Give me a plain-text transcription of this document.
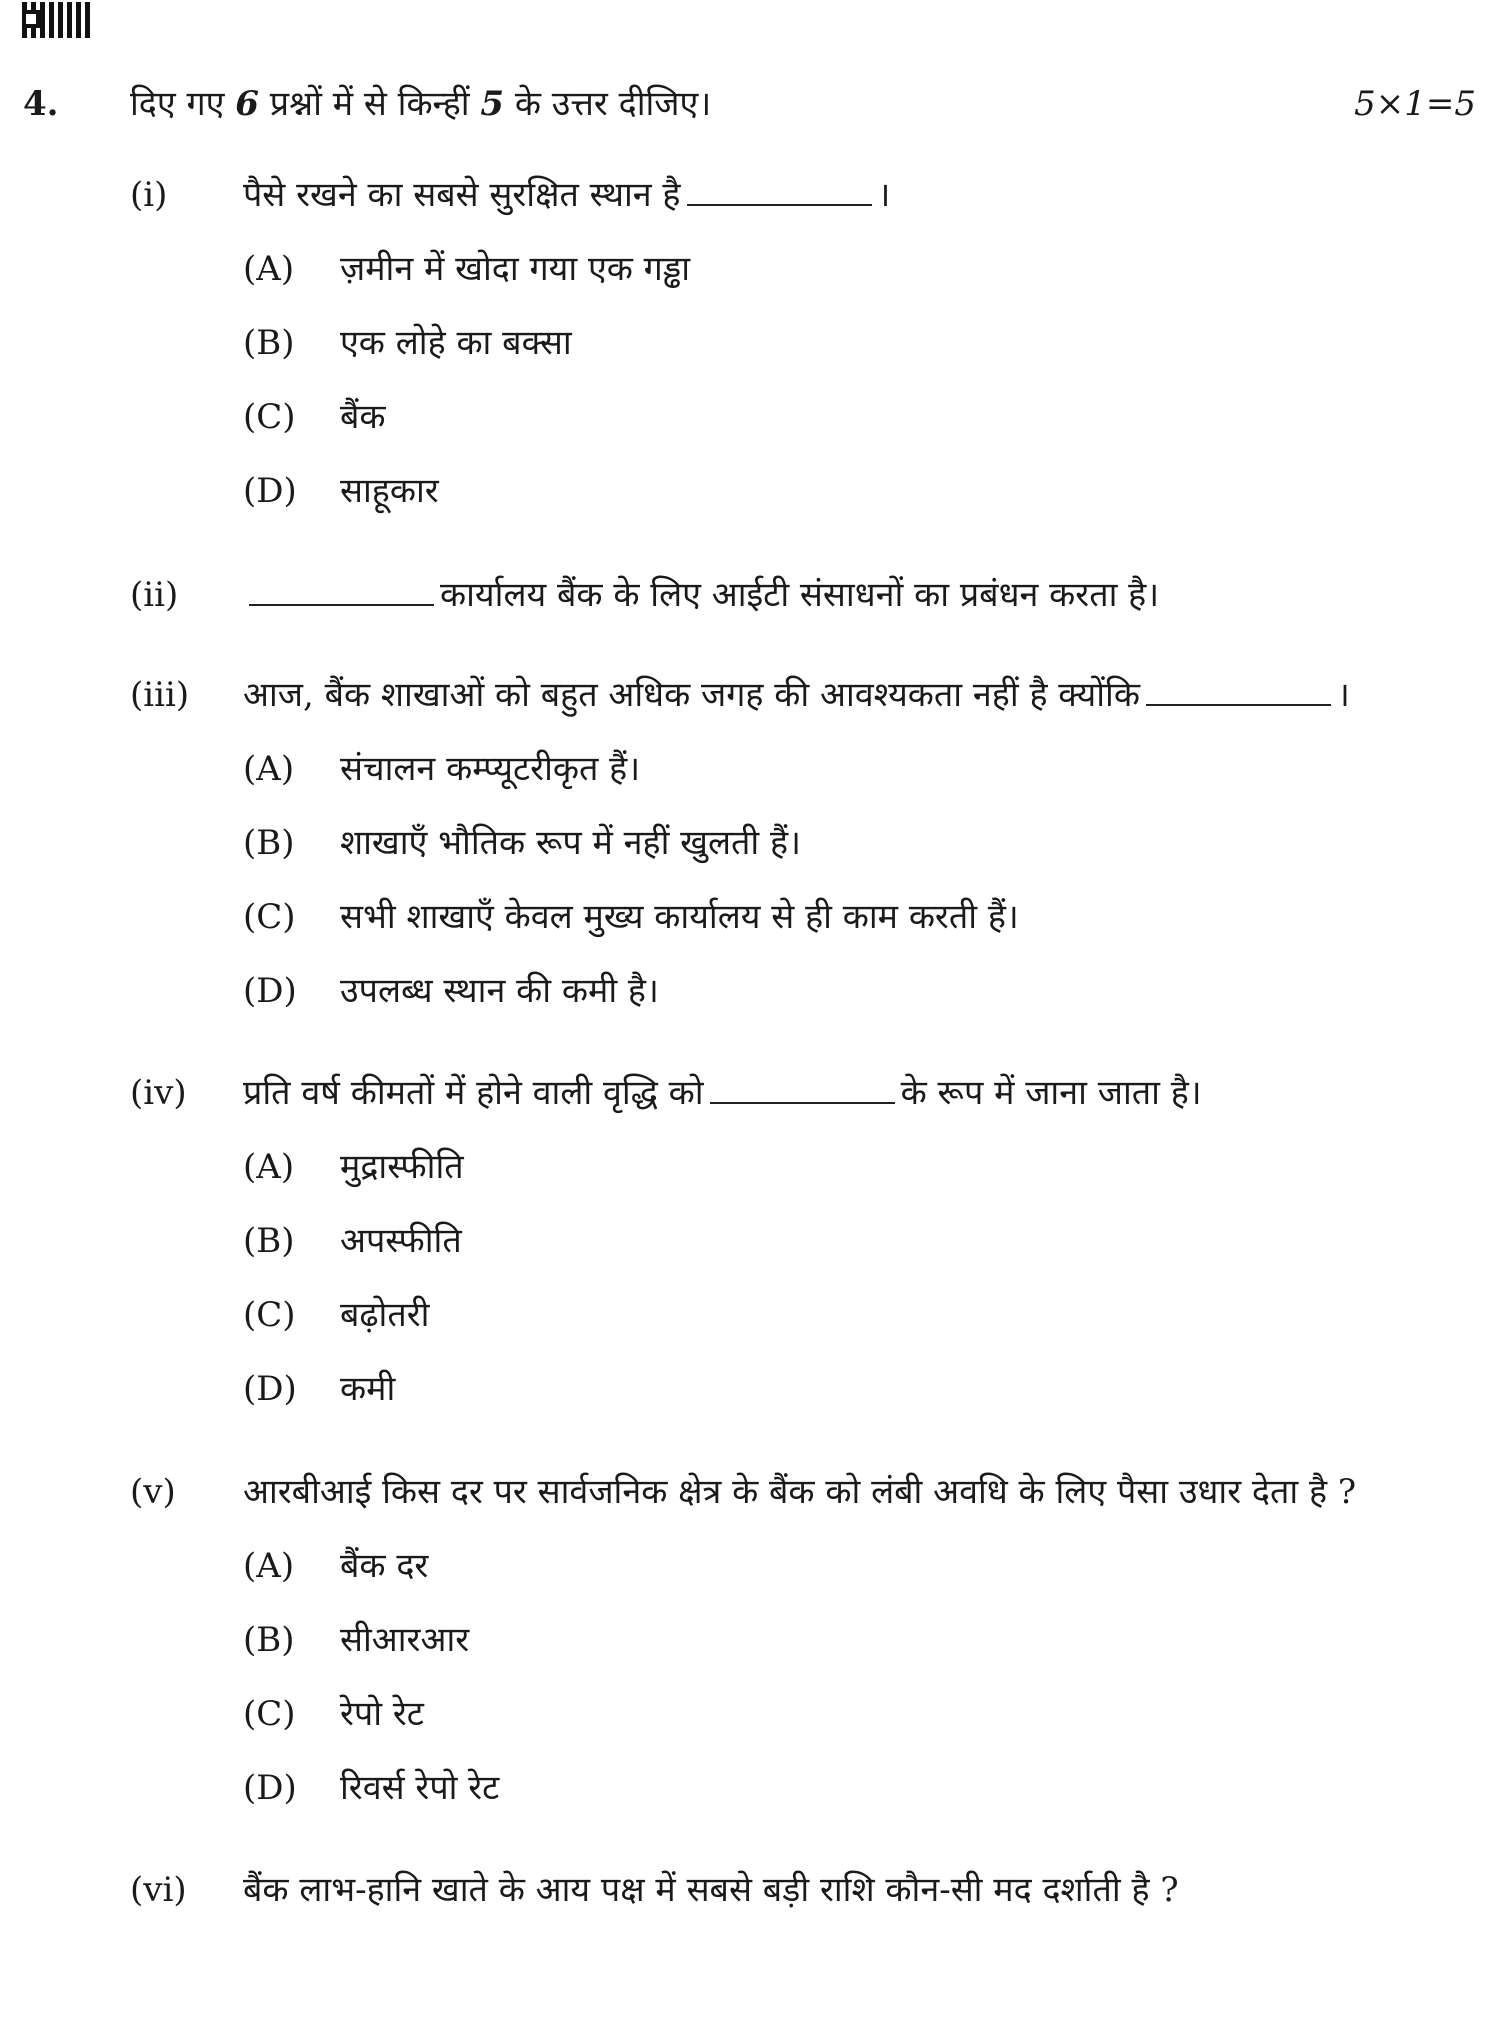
4. दिए गए 6 प्रश्नों में से किन्हीं 5 के उत्तर दीजिए।	5×1=5
(i) पैसे रखने का सबसे सुरक्षित स्थान है	।
(A) ज़मीन में खोदा गया एक गड्ढा
(B) एक लोहे का बक्सा
(C) बैंक
(D) साहूकार
(ii)	कार्यालय बैंक के लिए आईटी संसाधनों का प्रबंधन करता है।
(iii) आज, बैंक शाखाओं को बहुत अधिक जगह की आवश्यकता नहीं है क्योंकि	।
(A) संचालन कम्प्यूटरीकृत हैं।
(B) शाखाएँ भौतिक रूप में नहीं खुलती हैं।
(C) सभी शाखाएँ केवल मुख्य कार्यालय से ही काम करती हैं।
(D) उपलब्ध स्थान की कमी है।
(iv) प्रति वर्ष कीमतों में होने वाली वृद्धि को	के रूप में जाना जाता है।
(A) मुद्रास्फीति
(B) अपस्फीति
(C) बढ़ोतरी
(D) कमी
(v) आरबीआई किस दर पर सार्वजनिक क्षेत्र के बैंक को लंबी अवधि के लिए पैसा उधार देता है ?
(A) बैंक दर
(B) सीआरआर
(C) रेपो रेट
(D) रिवर्स रेपो रेट
(vi) बैंक लाभ-हानि खाते के आय पक्ष में सबसे बड़ी राशि कौन-सी मद दर्शाती है ?
